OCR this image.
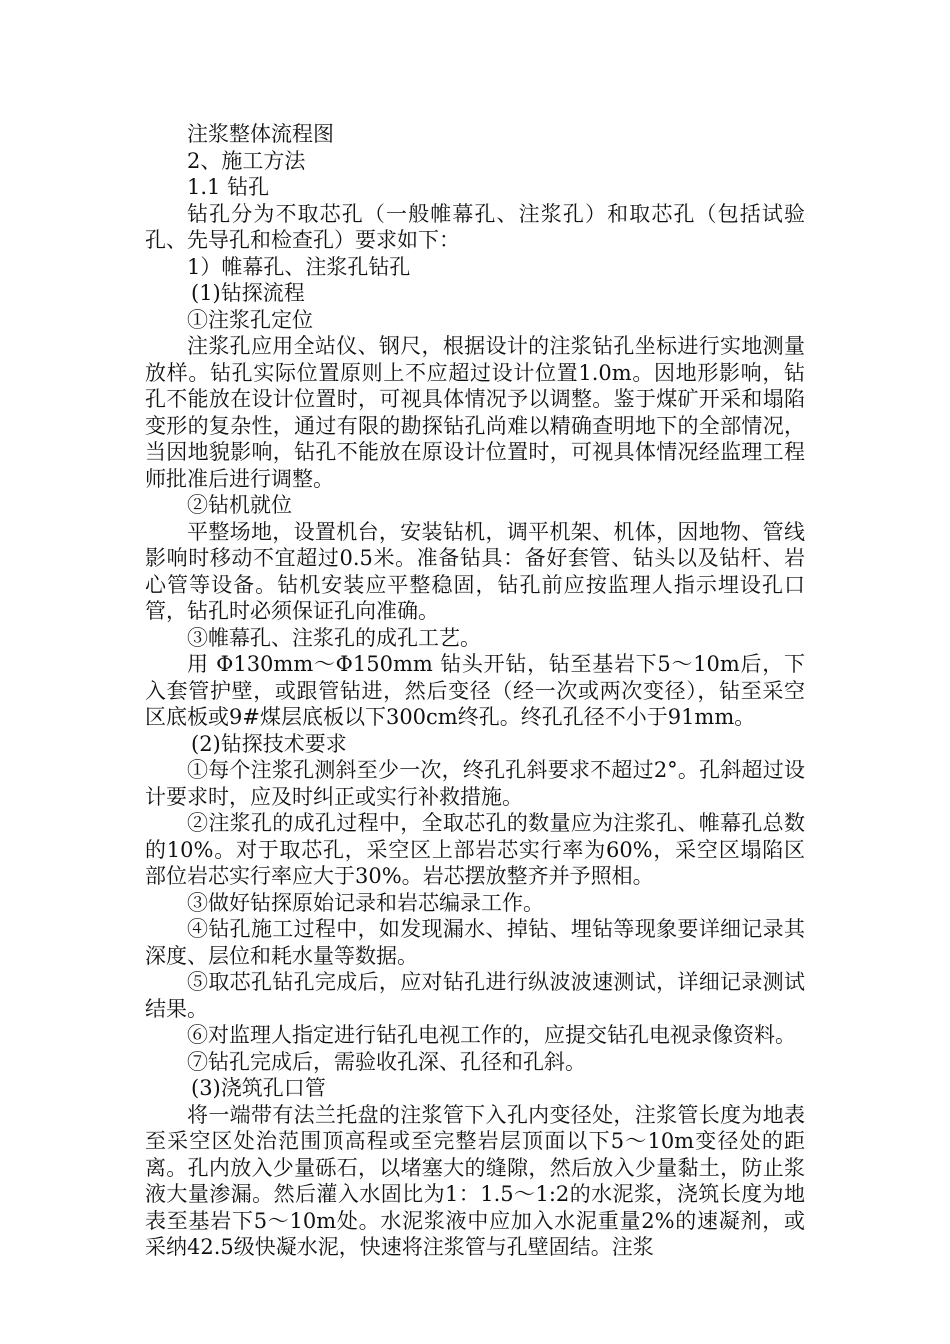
注浆整体流程图

2、施工方法

1.1 钻孔

钻孔分为不取芯孔（一般帷幕孔、注浆孔）和取芯孔（包括试验孔、先导孔和检查孔）要求如下：

1）帷幕孔、注浆孔钻孔

(1)钻探流程

①注浆孔定位

注浆孔应用全站仪、钢尺，根据设计的注浆钻孔坐标进行实地测量放样。钻孔实际位置原则上不应超过设计位置1.0m。因地形影响，钻孔不能放在设计位置时，可视具体情况予以调整。鉴于煤矿开采和塌陷变形的复杂性，通过有限的勘探钻孔尚难以精确查明地下的全部情况，当因地貌影响，钻孔不能放在原设计位置时，可视具体情况经监理工程师批准后进行调整。

②钻机就位

平整场地，设置机台，安装钻机，调平机架、机体，因地物、管线影响时移动不宜超过0.5米。准备钻具：备好套管、钻头以及钻杆、岩心管等设备。钻机安装应平整稳固，钻孔前应按监理人指示埋设孔口管，钻孔时必须保证孔向准确。

③帷幕孔、注浆孔的成孔工艺。

用 Φ130mm～Φ150mm 钻头开钻，钻至基岩下5～10m后，下入套管护壁，或跟管钻进，然后变径（经一次或两次变径），钻至采空区底板或9#煤层底板以下300cm终孔。终孔孔径不小于91mm。

(2)钻探技术要求

①每个注浆孔测斜至少一次，终孔孔斜要求不超过2°。孔斜超过设计要求时，应及时纠正或实行补救措施。

②注浆孔的成孔过程中，全取芯孔的数量应为注浆孔、帷幕孔总数的10%。对于取芯孔，采空区上部岩芯实行率为60%，采空区塌陷区部位岩芯实行率应大于30%。岩芯摆放整齐并予照相。

③做好钻探原始记录和岩芯编录工作。

④钻孔施工过程中，如发现漏水、掉钻、埋钻等现象要详细记录其深度、层位和耗水量等数据。

⑤取芯孔钻孔完成后，应对钻孔进行纵波波速测试，详细记录测试结果。

⑥对监理人指定进行钻孔电视工作的，应提交钻孔电视录像资料。

⑦钻孔完成后，需验收孔深、孔径和孔斜。

(3)浇筑孔口管

将一端带有法兰托盘的注浆管下入孔内变径处，注浆管长度为地表至采空区处治范围顶高程或至完整岩层顶面以下5～10m变径处的距离。孔内放入少量砾石，以堵塞大的缝隙，然后放入少量黏土，防止浆液大量渗漏。然后灌入水固比为1：1.5～1:2的水泥浆，浇筑长度为地表至基岩下5～10m处。水泥浆液中应加入水泥重量2%的速凝剂，或采纳42.5级快凝水泥，快速将注浆管与孔壁固结。注浆
